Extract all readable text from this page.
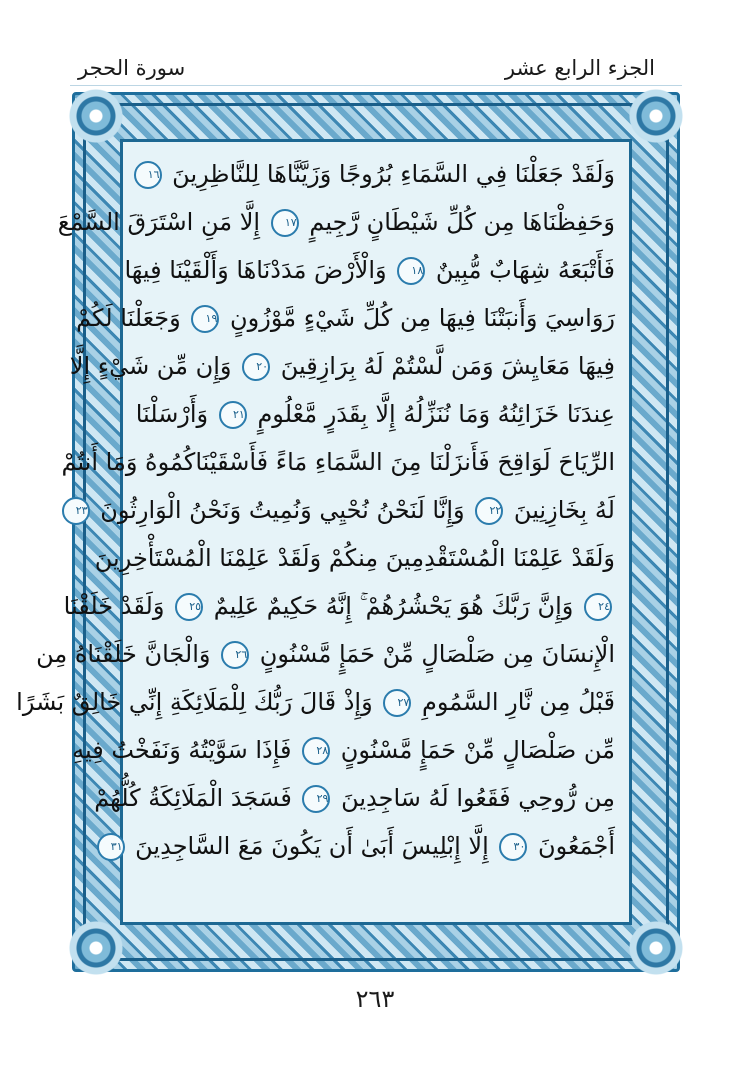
الجزء الرابع عشر
سورة الحجر
وَلَقَدْ جَعَلْنَا فِي السَّمَاءِ بُرُوجًا وَزَيَّنَّاهَا لِلنَّاظِرِينَ ١٦
وَحَفِظْنَاهَا مِن كُلِّ شَيْطَانٍ رَّجِيمٍ ١٧ إِلَّا مَنِ اسْتَرَقَ السَّمْعَ
فَأَتْبَعَهُ شِهَابٌ مُّبِينٌ ١٨ وَالْأَرْضَ مَدَدْنَاهَا وَأَلْقَيْنَا فِيهَا
رَوَاسِيَ وَأَنبَتْنَا فِيهَا مِن كُلِّ شَيْءٍ مَّوْزُونٍ ١٩ وَجَعَلْنَا لَكُمْ
فِيهَا مَعَايِشَ وَمَن لَّسْتُمْ لَهُ بِرَازِقِينَ ٢٠ وَإِن مِّن شَيْءٍ إِلَّا
عِندَنَا خَزَائِنُهُ وَمَا نُنَزِّلُهُ إِلَّا بِقَدَرٍ مَّعْلُومٍ ٢١ وَأَرْسَلْنَا
الرِّيَاحَ لَوَاقِحَ فَأَنزَلْنَا مِنَ السَّمَاءِ مَاءً فَأَسْقَيْنَاكُمُوهُ وَمَا أَنتُمْ
لَهُ بِخَازِنِينَ ٢٢ وَإِنَّا لَنَحْنُ نُحْيِي وَنُمِيتُ وَنَحْنُ الْوَارِثُونَ ٢٣
وَلَقَدْ عَلِمْنَا الْمُسْتَقْدِمِينَ مِنكُمْ وَلَقَدْ عَلِمْنَا الْمُسْتَأْخِرِينَ
٢٤ وَإِنَّ رَبَّكَ هُوَ يَحْشُرُهُمْ ۚ إِنَّهُ حَكِيمٌ عَلِيمٌ ٢٥ وَلَقَدْ خَلَقْنَا
الْإِنسَانَ مِن صَلْصَالٍ مِّنْ حَمَإٍ مَّسْنُونٍ ٢٦ وَالْجَانَّ خَلَقْنَاهُ مِن
قَبْلُ مِن نَّارِ السَّمُومِ ٢٧ وَإِذْ قَالَ رَبُّكَ لِلْمَلَائِكَةِ إِنِّي خَالِقٌ بَشَرًا
مِّن صَلْصَالٍ مِّنْ حَمَإٍ مَّسْنُونٍ ٢٨ فَإِذَا سَوَّيْتُهُ وَنَفَخْتُ فِيهِ
مِن رُّوحِي فَقَعُوا لَهُ سَاجِدِينَ ٢٩ فَسَجَدَ الْمَلَائِكَةُ كُلُّهُمْ
أَجْمَعُونَ ٣٠ إِلَّا إِبْلِيسَ أَبَىٰ أَن يَكُونَ مَعَ السَّاجِدِينَ ٣١
٢٦٣
